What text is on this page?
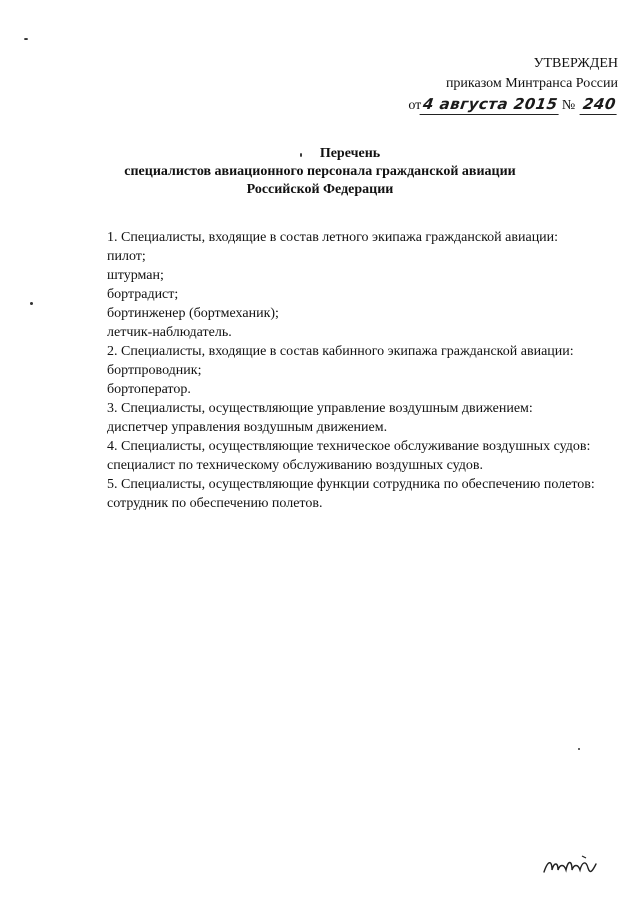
УТВЕРЖДЕН
приказом Минтранса России
от 4 августа 2015 № 240
Перечень
специалистов авиационного персонала гражданской авиации
Российской Федерации
1. Специалисты, входящие в состав летного экипажа гражданской авиации:
пилот;
штурман;
бортрадист;
бортинженер (бортмеханик);
летчик-наблюдатель.
2. Специалисты, входящие в состав кабинного экипажа гражданской авиации:
бортпроводник;
бортоператор.
3. Специалисты, осуществляющие управление воздушным движением:
диспетчер управления воздушным движением.
4. Специалисты, осуществляющие техническое обслуживание воздушных судов:
специалист по техническому обслуживанию воздушных судов.
5. Специалисты, осуществляющие функции сотрудника по обеспечению полетов:
сотрудник по обеспечению полетов.
